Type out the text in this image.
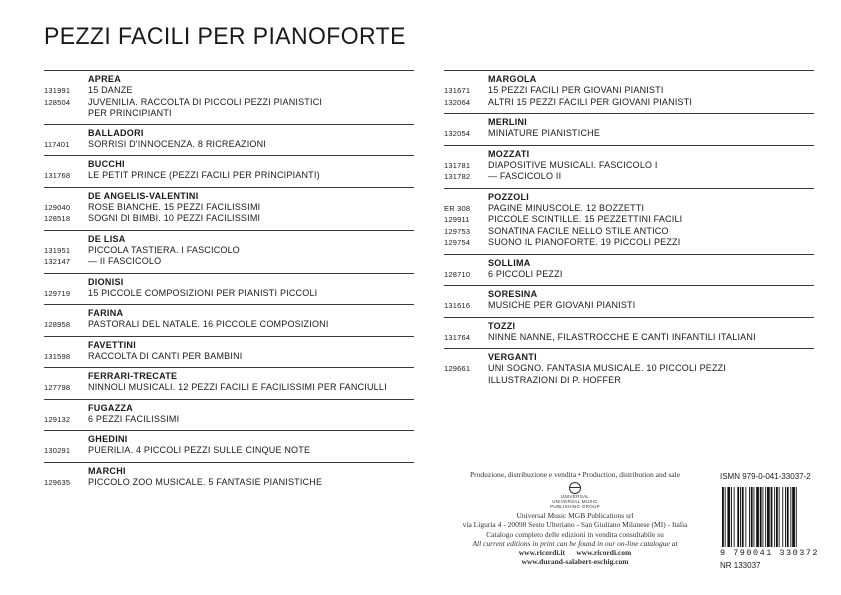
PEZZI FACILI PER PIANOFORTE
APREA
131991	15 DANZE
128504	JUVENILIA. RACCOLTA DI PICCOLI PEZZI PIANISTICI
PER PRINCIPIANTI
BALLADORI
117401	SORRISI D'INNOCENZA. 8 RICREAZIONI
BUCCHI
131768	LE PETIT PRINCE (PEZZI FACILI PER PRINCIPIANTI)
DE ANGELIS-VALENTINI
129040	ROSE BIANCHE. 15 PEZZI FACILISSIMI
128518	SOGNI DI BIMBI. 10 PEZZI FACILISSIMI
DE LISA
131951	PICCOLA TASTIERA. I FASCICOLO
132147	— II FASCICOLO
DIONISI
129719	15 PICCOLE COMPOSIZIONI PER PIANISTI PICCOLI
FARINA
128958	PASTORALI DEL NATALE. 16 PICCOLE COMPOSIZIONI
FAVETTINI
131598	RACCOLTA DI CANTI PER BAMBINI
FERRARI-TRECATE
127798	NINNOLI MUSICALI. 12 PEZZI FACILI E FACILISSIMI PER FANCIULLI
FUGAZZA
129132	6 PEZZI FACILISSIMI
GHEDINI
130291	PUERILIA. 4 PICCOLI PEZZI SULLE CINQUE NOTE
MARCHI
129635	PICCOLO ZOO MUSICALE. 5 FANTASIE PIANISTICHE
MARGOLA
131671	15 PEZZI FACILI PER GIOVANI PIANISTI
132064	ALTRI 15 PEZZI FACILI PER GIOVANI PIANISTI
MERLINI
132054	MINIATURE PIANISTICHE
MOZZATI
131781	DIAPOSITIVE MUSICALI. FASCICOLO I
131782	— FASCICOLO II
POZZOLI
ER 308	PAGINE MINUSCOLE. 12 BOZZETTI
129911	PICCOLE SCINTILLE. 15 PEZZETTINI FACILI
129753	SONATINA FACILE NELLO STILE ANTICO
129754	SUONO IL PIANOFORTE. 19 PICCOLI PEZZI
SOLLIMA
128710	6 PICCOLI PEZZI
SORESINA
131616	MUSICHE PER GIOVANI PIANISTI
TOZZI
131764	NINNE NANNE, FILASTROCCHE E CANTI INFANTILI ITALIANI
VERGANTI
129661	UNI SOGNO. FANTASIA MUSICALE. 10 PICCOLI PEZZI
ILLUSTRAZIONI DI P. HOFFER
Produzione, distribuzione e vendita • Production, distribution and sale
UNIVERSAL
UNIVERSAL MUSIC
PUBLISHING GROUP
Universal Music MGB Publications srl
via Liguria 4 - 20098 Sesto Ulteriano - San Giuliano Milanese (MI) - Italia
Catalogo completo delle edizioni in vendita consultabile su
All current editions in print can be found in our on-line catalogue at
www.ricordi.it www.ricordi.com
www.durand-salabert-eschig.com
ISMN 979-0-041-33037-2
9 790041 330372
NR 133037
